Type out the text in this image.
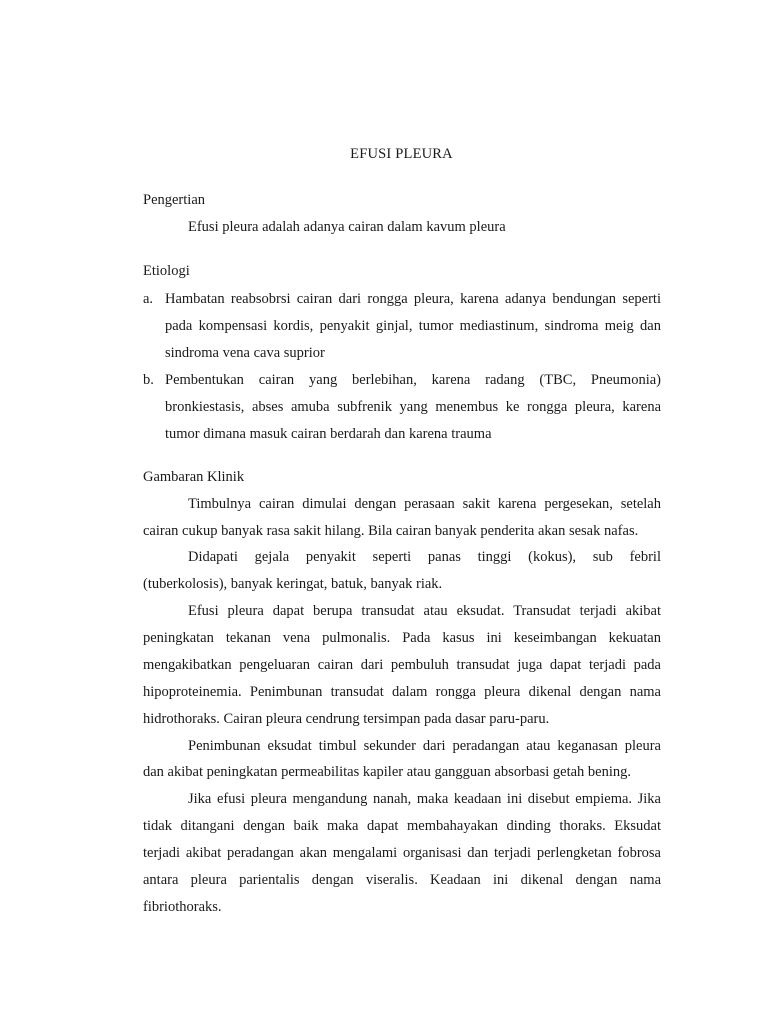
EFUSI PLEURA
Pengertian
Efusi pleura adalah adanya cairan dalam kavum pleura
Etiologi
a. Hambatan reabsobrsi cairan dari rongga pleura, karena adanya bendungan seperti
pada kompensasi kordis, penyakit ginjal, tumor mediastinum, sindroma meig dan
sindroma vena cava suprior
b. Pembentukan cairan yang berlebihan, karena radang (TBC, Pneumonia)
bronkiestasis, abses amuba subfrenik yang menembus ke rongga pleura, karena
tumor dimana masuk cairan berdarah dan karena trauma
Gambaran Klinik
Timbulnya cairan dimulai dengan perasaan sakit karena pergesekan, setelah
cairan cukup banyak rasa sakit hilang. Bila cairan banyak penderita akan sesak nafas.
Didapati gejala penyakit seperti panas tinggi (kokus), sub febril
(tuberkolosis), banyak keringat, batuk, banyak riak.
Efusi pleura dapat berupa transudat atau eksudat. Transudat terjadi akibat
peningkatan tekanan vena pulmonalis. Pada kasus ini keseimbangan kekuatan
mengakibatkan pengeluaran cairan dari pembuluh transudat juga dapat terjadi pada
hipoproteinemia. Penimbunan transudat dalam rongga pleura dikenal dengan nama
hidrothoraks. Cairan pleura cendrung tersimpan pada dasar paru-paru.
Penimbunan eksudat timbul sekunder dari peradangan atau keganasan pleura
dan akibat peningkatan permeabilitas kapiler atau gangguan absorbasi getah bening.
Jika efusi pleura mengandung nanah, maka keadaan ini disebut empiema. Jika
tidak ditangani dengan baik maka dapat membahayakan dinding thoraks. Eksudat
terjadi akibat peradangan akan mengalami organisasi dan terjadi perlengketan fobrosa
antara pleura parientalis dengan viseralis. Keadaan ini dikenal dengan nama
fibriothoraks.
